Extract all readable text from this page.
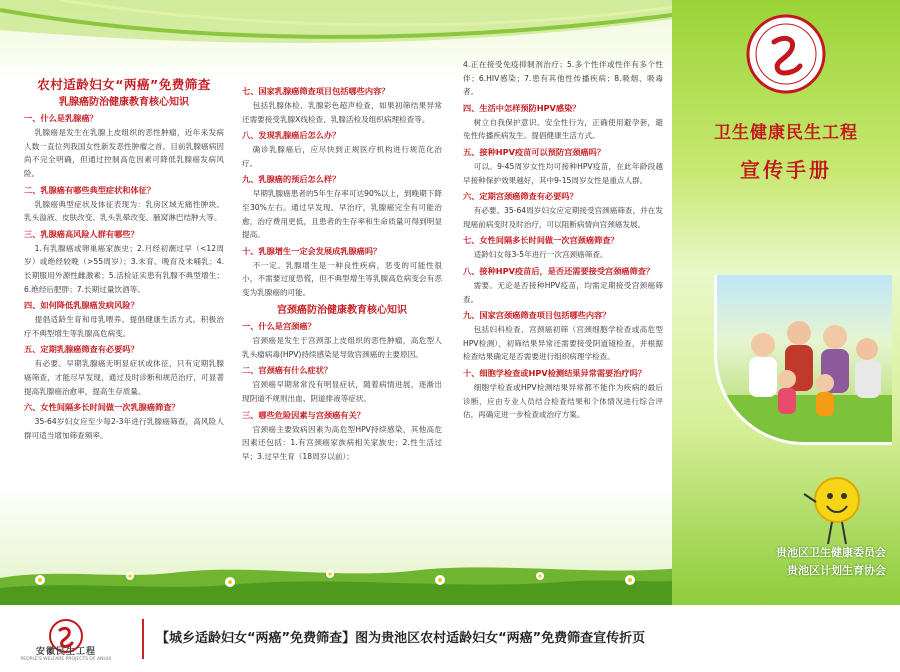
农村适龄妇女“两癌”免费筛查
乳腺癌防治健康教育核心知识
一、什么是乳腺癌？
乳腺癌是发生在乳腺上皮组织的恶性肿瘤，近年来发病人数一直位列我国女性新发恶性肿瘤之首。目前乳腺癌病因尚不完全明确，但通过控制高危因素可降低乳腺癌发病风险。
二、乳腺癌有哪些典型症状和体征？
乳腺癌典型症状及体征表现为：乳房区域无痛性肿块、乳头溢液、皮肤改变、乳头乳晕改变、腋窝淋巴结肿大等。
三、乳腺癌高风险人群有哪些？
1.有乳腺癌或卵巢癌家族史；2.月经初潮过早（<12周岁）或绝经较晚（>55周岁）；3.未育、晚育及未哺乳；4.长期服用外源性雌激素；5.活检证实患有乳腺不典型增生；6.绝经后肥胖；7.长期过量饮酒等。
四、如何降低乳腺癌发病风险？
提倡适龄生育和母乳喂养。提倡健康生活方式。积极治疗不典型增生等乳腺高危病变。
五、定期乳腺癌筛查有必要吗？
有必要。早期乳腺癌无明显症状或体征，只有定期乳腺癌筛查，才能尽早发现，通过及时诊断和规范治疗，可显著提高乳腺癌治愈率，提高生存质量。
六、女性间隔多长时间做一次乳腺癌筛查？
35-64岁妇女应至少每2-3年进行乳腺癌筛查，高风险人群可适当增加筛查频率。
七、国家乳腺癌筛查项目包括哪些内容？
包括乳腺体检、乳腺彩色超声检查，如果初筛结果异常还需要接受乳腺X线检查、乳腺活检及组织病理检查等。
八、发现乳腺癌后怎么办？
确诊乳腺癌后，应尽快到正规医疗机构进行规范化治疗。
九、乳腺癌的预后怎么样？
早期乳腺癌患者的5年生存率可达90%以上，到晚期下降至30%左右。通过早发现、早治疗，乳腺癌完全有可能治愈，治疗费用更低，且患者的生存率和生命质量可得到明显提高。
十、乳腺增生一定会发展成乳腺癌吗？
不一定。乳腺增生是一种良性疾病，恶变的可能性很小，不需要过度恐慌，但不典型增生等乳腺高危病变会有恶变为乳腺癌的可能。
宫颈癌防治健康教育核心知识
一、什么是宫颈癌？
宫颈癌是发生于宫颈部上皮组织的恶性肿瘤，高危型人乳头瘤病毒(HPV)持续感染是导致宫颈癌的主要原因。
二、宫颈癌有什么症状？
宫颈癌早期常常没有明显症状，随着病情进展，逐渐出现阴道不规则出血、阴道排液等症状。
三、哪些危险因素与宫颈癌有关？
宫颈癌主要致病因素为高危型HPV持续感染，其他高危因素还包括：1.有宫颈癌家族病相关家族史；2.性生活过早；3.过早生育（18周岁以前）；
4.正在接受免疫抑制剂治疗；5.多个性伴或性伴有多个性伴；6.HIV感染；7.患有其他性传播疾病；8.吸烟、吸毒者。
四、生活中怎样预防HPV感染？
树立自我保护意识。安全性行为，正确使用避孕套，避免性传播疾病发生。提倡健康生活方式。
五、接种HPV疫苗可以预防宫颈癌吗？
可以。9-45周岁女性均可接种HPV疫苗，在此年龄段越早接种保护效果越好，其中9-15周岁女性是重点人群。
六、定期宫颈癌筛查有必要吗？
有必要。35-64周岁妇女应定期接受宫颈癌筛查，并在发现癌前病变时及时治疗，可以阻断病情向宫颈癌发展。
七、女性间隔多长时间做一次宫颈癌筛查？
适龄妇女每3-5年进行一次宫颈癌筛查。
八、接种HPV疫苗后，是否还需要接受宫颈癌筛查？
需要。无论是否接种HPV疫苗，均需定期接受宫颈癌筛查。
九、国家宫颈癌筛查项目包括哪些内容？
包括妇科检查、宫颈癌初筛（宫颈细胞学检查或高危型HPV检测），初筛结果异常还需要接受阴道镜检查，并根据检查结果确定是否需要进行组织病理学检查。
十、细胞学检查或HPV检测结果异常需要治疗吗？
细胞学检查或HPV检测结果异常都不能作为疾病的最后诊断，应由专业人员结合检查结果和个体情况进行综合评估，再确定进一步检查或治疗方案。
卫生健康民生工程
宣传手册
贵池区卫生健康委员会
贵池区计划生育协会
安徽民生工程
PEOPLE'S WELFARE PROJECTS OF ANHUI
【城乡适龄妇女“两癌”免费筛查】图为贵池区农村适龄妇女“两癌”免费筛查宣传折页
